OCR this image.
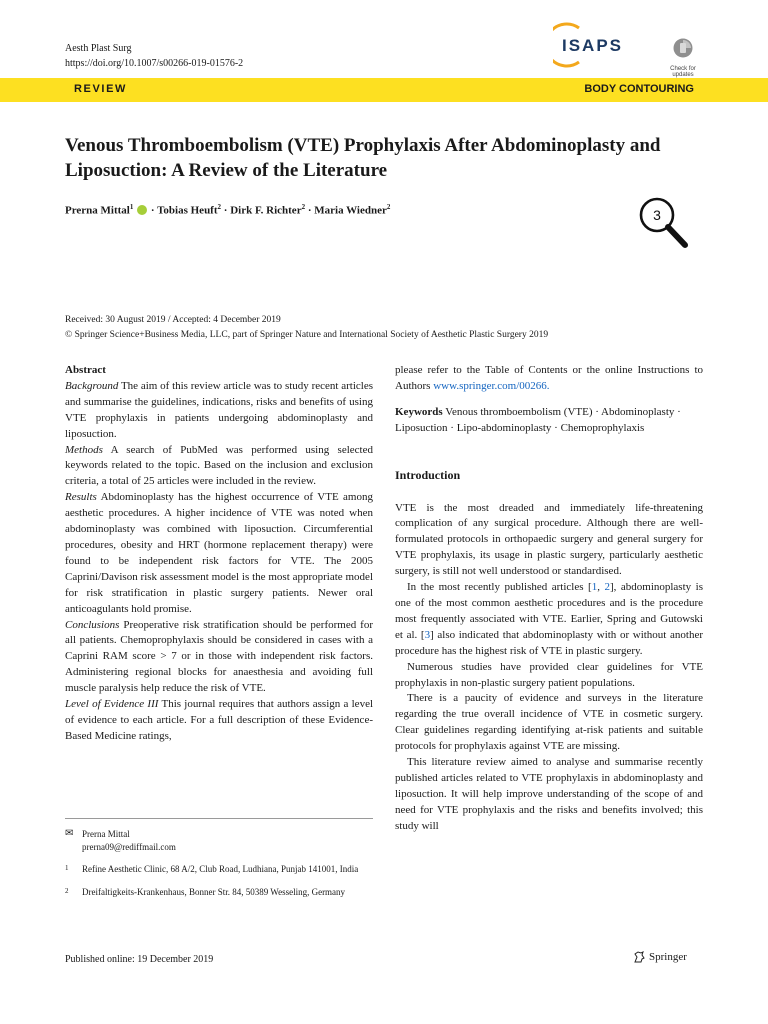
Aesth Plast Surg
https://doi.org/10.1007/s00266-019-01576-2
ISAPS
Check for updates
REVIEW	BODY CONTOURING
Venous Thromboembolism (VTE) Prophylaxis After Abdominoplasty and Liposuction: A Review of the Literature
Prerna Mittal$^1$ · Tobias Heuft$^2$ · Dirk F. Richter$^2$ · Maria Wiedner$^2$	3
Received: 30 August 2019 / Accepted: 4 December 2019
© Springer Science+Business Media, LLC, part of Springer Nature and International Society of Aesthetic Plastic Surgery 2019

Abstract

Background The aim of this review article was to study recent articles and summarise the guidelines, indications, risks and benefits of using VTE prophylaxis in patients undergoing abdominoplasty and liposuction.

Methods A search of PubMed was performed using selected keywords related to the topic. Based on the inclusion and exclusion criteria, a total of 25 articles were included in the review.

Results Abdominoplasty has the highest occurrence of VTE among aesthetic procedures. A higher incidence of VTE was noted when abdominoplasty was combined with liposuction. Circumferential procedures, obesity and HRT (hormone replacement therapy) were found to be independent risk factors for VTE. The 2005 Caprini/Davison risk assessment model is the most appropriate model for risk stratification in plastic surgery patients. Newer oral anticoagulants hold promise.

Conclusions Preoperative risk stratification should be performed for all patients. Chemoprophylaxis should be considered in cases with a Caprini RAM score > 7 or in those with independent risk factors. Administering regional blocks for anaesthesia and avoiding full muscle paralysis help reduce the risk of VTE.

Level of Evidence III This journal requires that authors assign a level of evidence to each article. For a full description of these Evidence-Based Medicine ratings,

✉ Prerna Mittal
prerna09@rediffmail.com
1	Refine Aesthetic Clinic, 68 A/2, Club Road, Ludhiana, Punjab 141001, India
2	Dreifaltigkeits-Krankenhaus, Bonner Str. 84, 50389 Wesseling, Germany

please refer to the Table of Contents or the online Instructions to Authors www.springer.com/00266.

Keywords Venous thromboembolism (VTE) · Abdominoplasty · Liposuction · Lipo-abdominoplasty · Chemoprophylaxis

Introduction

VTE is the most dreaded and immediately life-threatening complication of any surgical procedure. Although there are well-formulated protocols in orthopaedic surgery and general surgery for VTE prophylaxis, its usage in plastic surgery, particularly aesthetic surgery, is still not well understood or standardised.

In the most recently published articles [1, 2], abdominoplasty is one of the most common aesthetic procedures and is the procedure most frequently associated with VTE. Earlier, Spring and Gutowski et al. [3] also indicated that abdominoplasty with or without another procedure has the highest risk of VTE in plastic surgery.

Numerous studies have provided clear guidelines for VTE prophylaxis in non-plastic surgery patient populations.

There is a paucity of evidence and surveys in the literature regarding the true overall incidence of VTE in cosmetic surgery. Clear guidelines regarding identifying at-risk patients and suitable protocols for prophylaxis against VTE are missing.

This literature review aimed to analyse and summarise recently published articles related to VTE prophylaxis in abdominoplasty and liposuction. It will help improve understanding of the scope of and need for VTE prophylaxis and the risks and benefits involved; this study will

Published online: 19 December 2019	Springer
